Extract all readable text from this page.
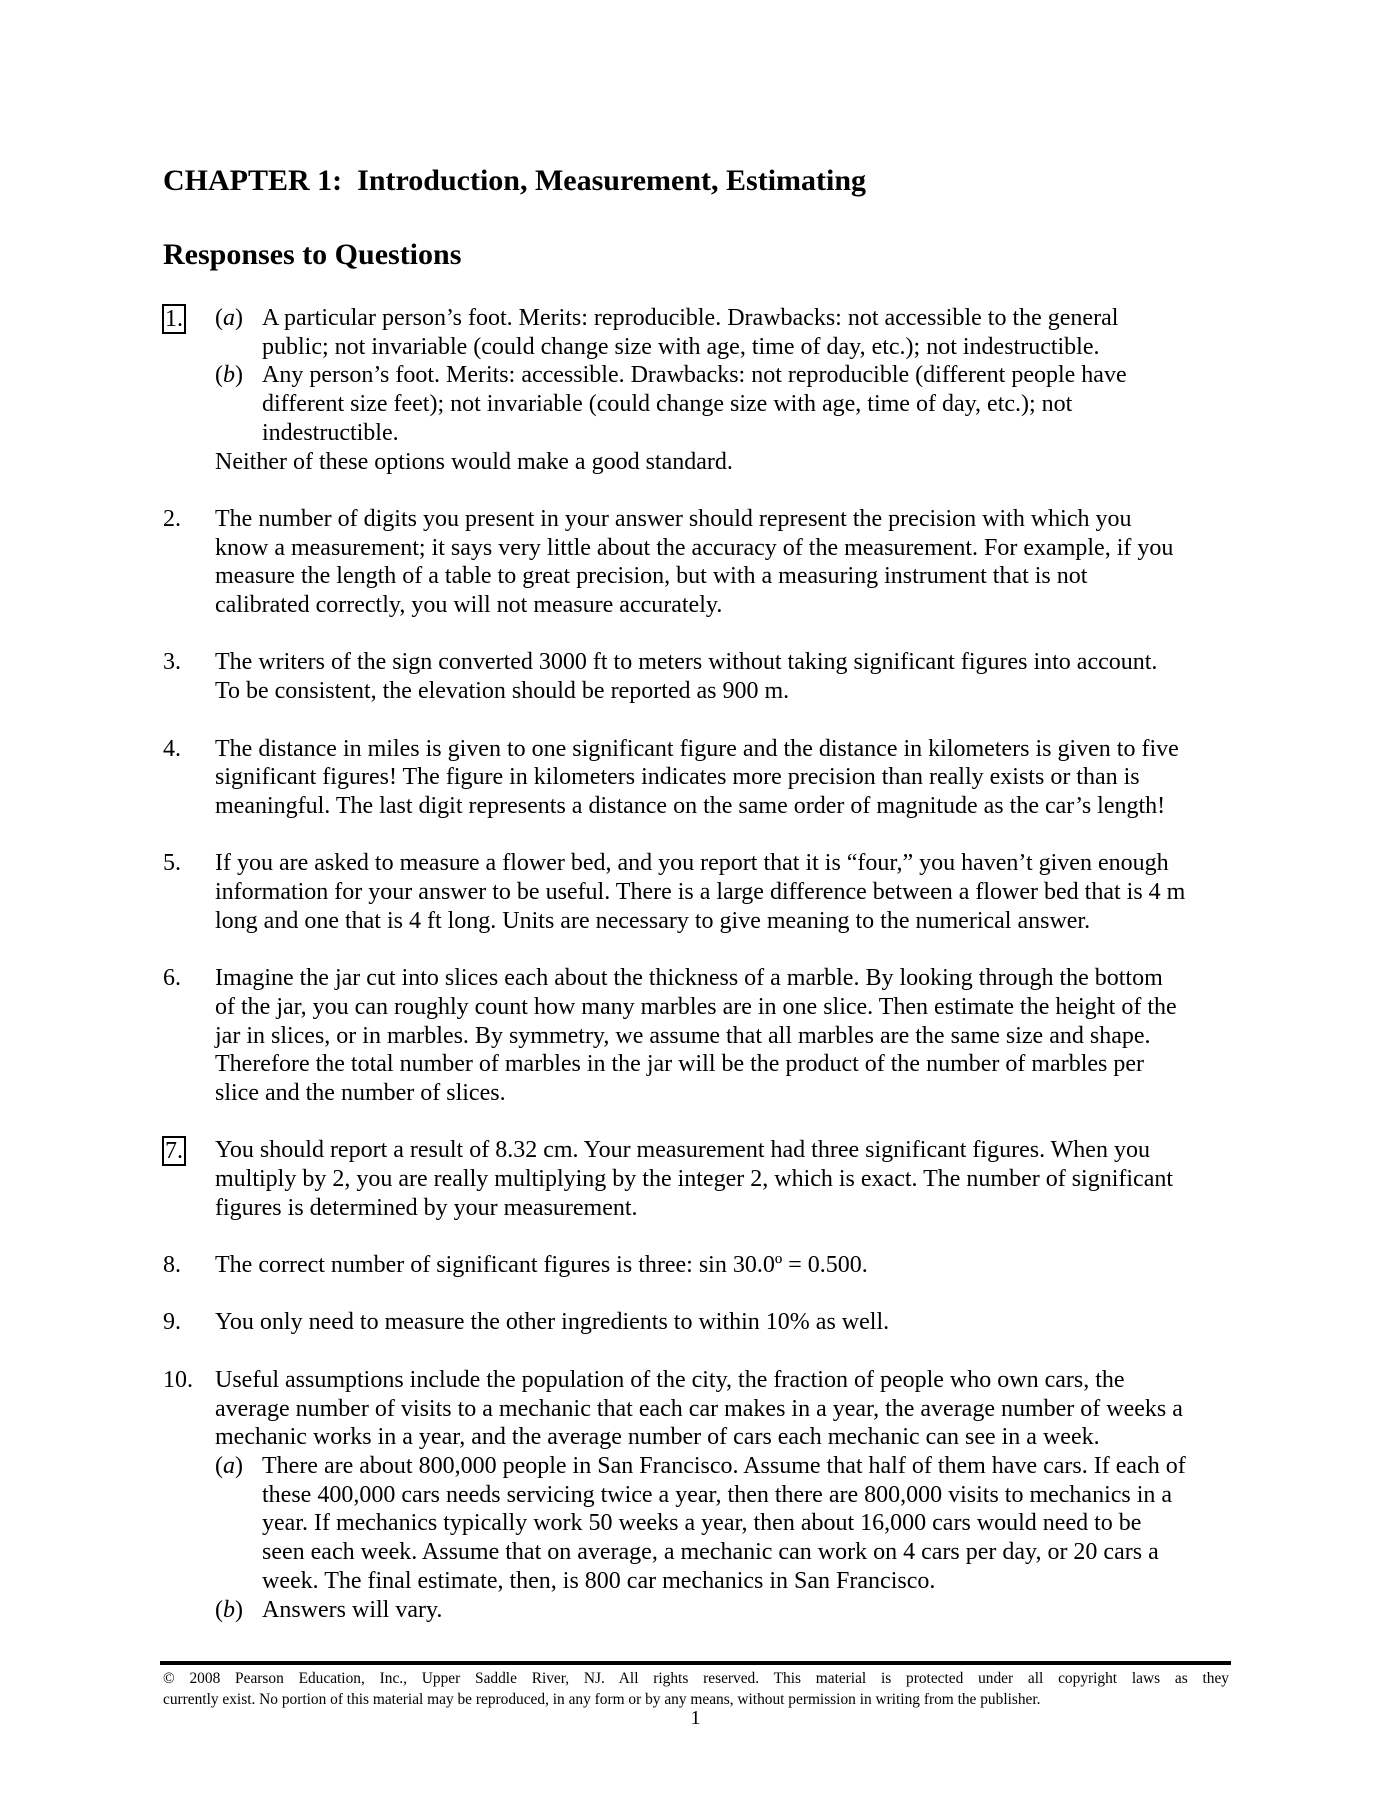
CHAPTER 1:  Introduction, Measurement, Estimating
Responses to Questions
1. (a) A particular person’s foot. Merits: reproducible. Drawbacks: not accessible to the general
public; not invariable (could change size with age, time of day, etc.); not indestructible.
(b) Any person’s foot. Merits: accessible. Drawbacks: not reproducible (different people have
different size feet); not invariable (could change size with age, time of day, etc.); not
indestructible.
Neither of these options would make a good standard.
2. The number of digits you present in your answer should represent the precision with which you
know a measurement; it says very little about the accuracy of the measurement. For example, if you
measure the length of a table to great precision, but with a measuring instrument that is not
calibrated correctly, you will not measure accurately.
3. The writers of the sign converted 3000 ft to meters without taking significant figures into account.
To be consistent, the elevation should be reported as 900 m.
4. The distance in miles is given to one significant figure and the distance in kilometers is given to five
significant figures! The figure in kilometers indicates more precision than really exists or than is
meaningful. The last digit represents a distance on the same order of magnitude as the car’s length!
5. If you are asked to measure a flower bed, and you report that it is “four,” you haven’t given enough
information for your answer to be useful. There is a large difference between a flower bed that is 4 m
long and one that is 4 ft long. Units are necessary to give meaning to the numerical answer.
6. Imagine the jar cut into slices each about the thickness of a marble. By looking through the bottom
of the jar, you can roughly count how many marbles are in one slice. Then estimate the height of the
jar in slices, or in marbles. By symmetry, we assume that all marbles are the same size and shape.
Therefore the total number of marbles in the jar will be the product of the number of marbles per
slice and the number of slices.
7. You should report a result of 8.32 cm. Your measurement had three significant figures. When you
multiply by 2, you are really multiplying by the integer 2, which is exact. The number of significant
figures is determined by your measurement.
8. The correct number of significant figures is three: sin 30.0º = 0.500.
9. You only need to measure the other ingredients to within 10% as well.
10. Useful assumptions include the population of the city, the fraction of people who own cars, the
average number of visits to a mechanic that each car makes in a year, the average number of weeks a
mechanic works in a year, and the average number of cars each mechanic can see in a week.
(a) There are about 800,000 people in San Francisco. Assume that half of them have cars. If each of
these 400,000 cars needs servicing twice a year, then there are 800,000 visits to mechanics in a
year. If mechanics typically work 50 weeks a year, then about 16,000 cars would need to be
seen each week. Assume that on average, a mechanic can work on 4 cars per day, or 20 cars a
week. The final estimate, then, is 800 car mechanics in San Francisco.
(b) Answers will vary.
© 2008 Pearson Education, Inc., Upper Saddle River, NJ. All rights reserved. This material is protected under all copyright laws as they
currently exist. No portion of this material may be reproduced, in any form or by any means, without permission in writing from the publisher.
1
